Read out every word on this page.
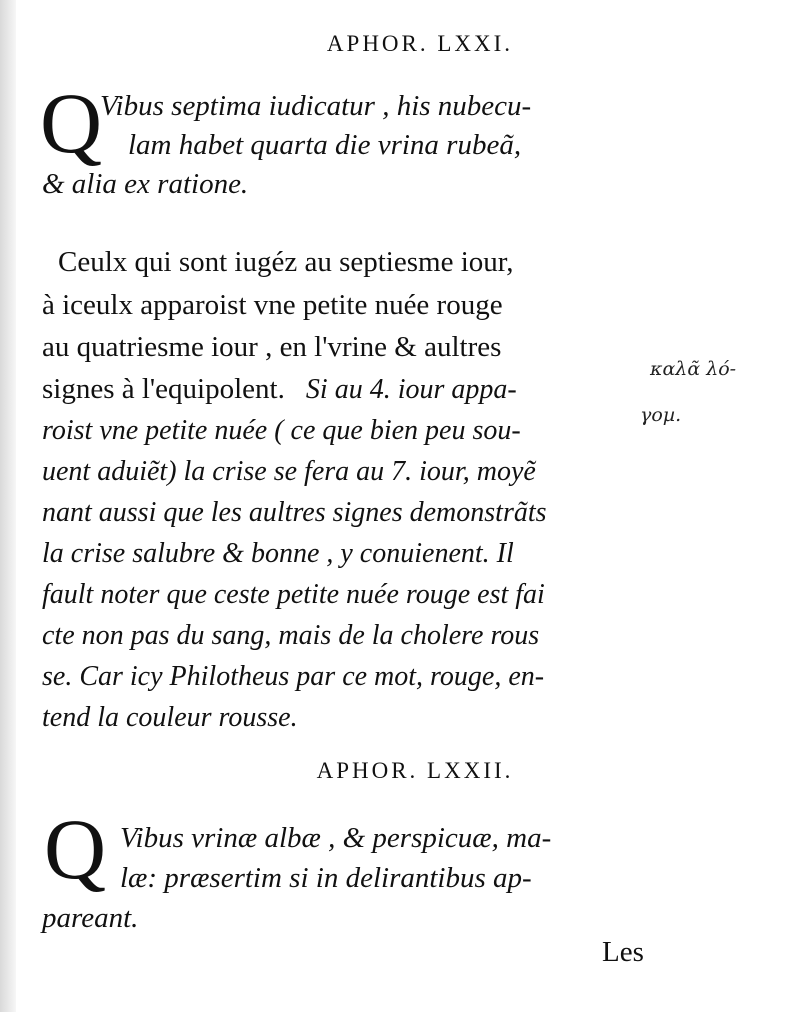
APHOR. LXXI.
Q
Vibus septima iudicatur , his nubecu-
lam habet quarta die vrina rubeã,
& alia ex ratione.
Ceulx qui sont iugéz au septiesme iour,
à iceulx apparoist vne petite nuée rouge
au quatriesme iour , en l'vrine & aultres
signes à l'equipolent. Si au 4. iour appa-
roist vne petite nuée ( ce que bien peu sou-
uent aduiẽt) la crise se fera au 7. iour, moyẽ
nant aussi que les aultres signes demonstrãts
la crise salubre & bonne , y conuienent. Il
fault noter que ceste petite nuée rouge est fai
cte non pas du sang, mais de la cholere rous
se. Car icy Philotheus par ce mot, rouge, en-
tend la couleur rousse.
καλᾶ λό-
γοµ.
APHOR. LXXII.
Q Vibus vrinæ albæ , & perspicuæ, ma-
læ: præsertim si in delirantibus ap-
pareant.
Les
